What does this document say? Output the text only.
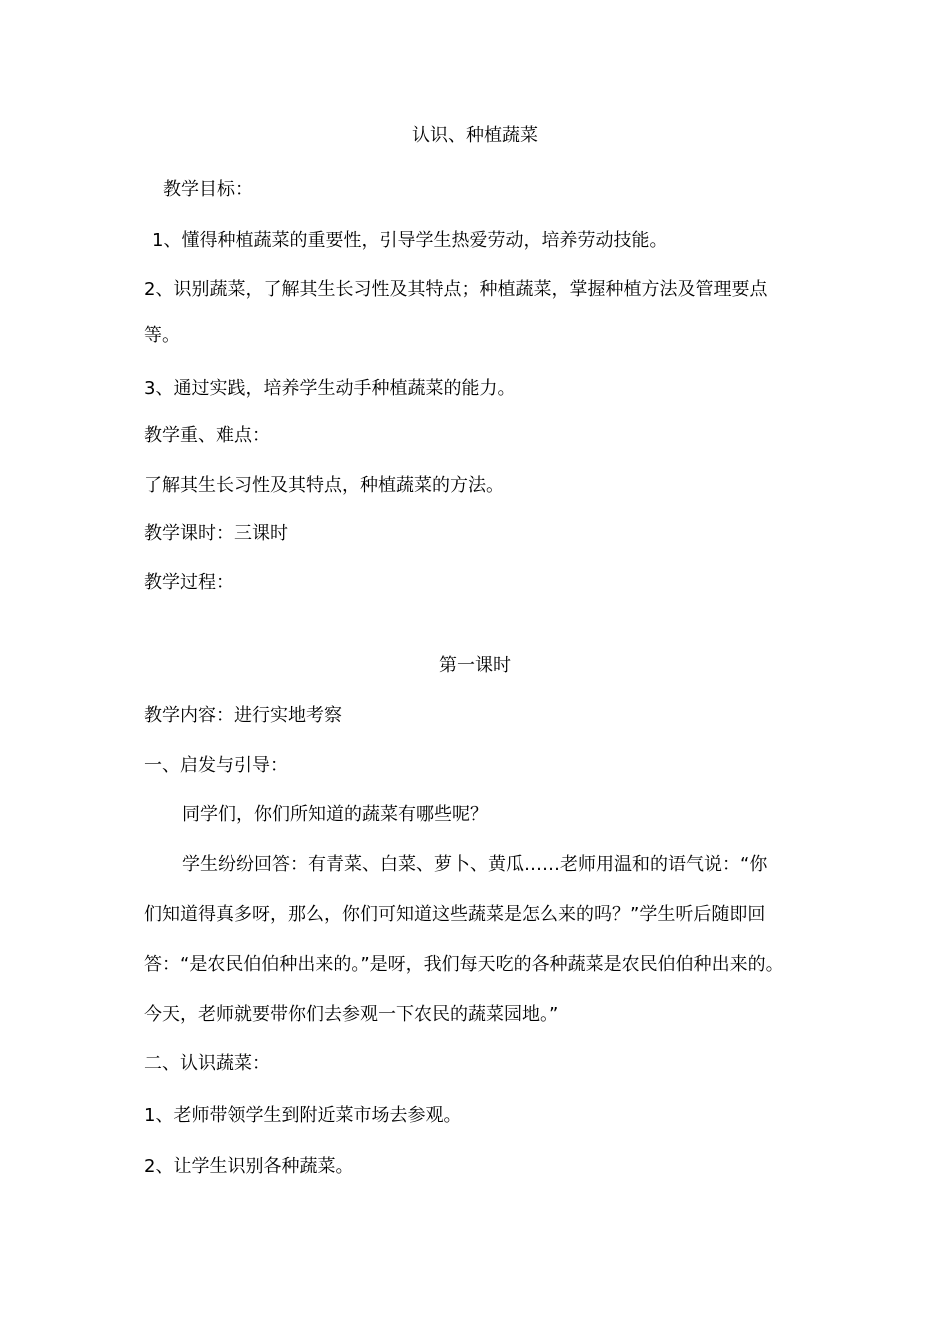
认识、种植蔬菜
教学目标：
1、懂得种植蔬菜的重要性，引导学生热爱劳动，培养劳动技能。
2、识别蔬菜，了解其生长习性及其特点；种植蔬菜，掌握种植方法及管理要点
等。
3、通过实践，培养学生动手种植蔬菜的能力。
教学重、难点：
了解其生长习性及其特点，种植蔬菜的方法。
教学课时：三课时
教学过程：
第一课时
教学内容：进行实地考察
一、启发与引导：
同学们，你们所知道的蔬菜有哪些呢？
学生纷纷回答：有青菜、白菜、萝卜、黄瓜……老师用温和的语气说：“你
们知道得真多呀，那么，你们可知道这些蔬菜是怎么来的吗？”学生听后随即回
答：“是农民伯伯种出来的。”是呀，我们每天吃的各种蔬菜是农民伯伯种出来的。
今天，老师就要带你们去参观一下农民的蔬菜园地。”
二、认识蔬菜：
1、老师带领学生到附近菜市场去参观。
2、让学生识别各种蔬菜。
